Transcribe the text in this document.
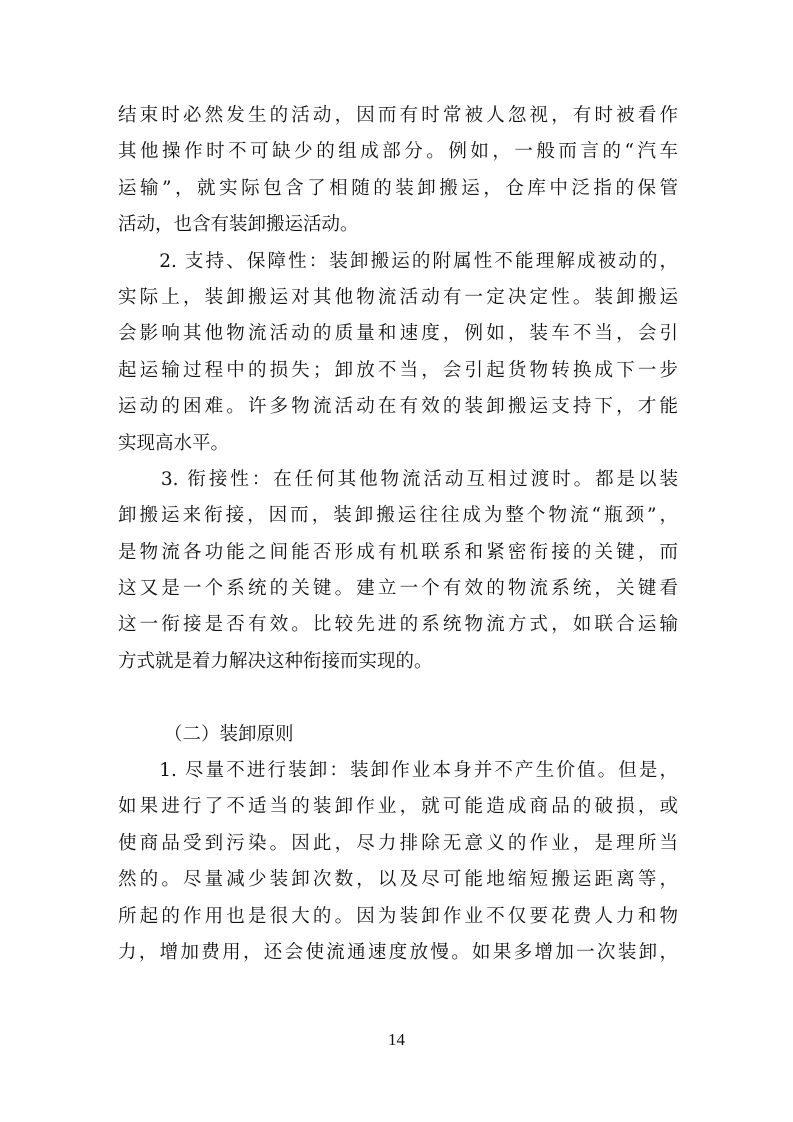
结束时必然发生的活动，因而有时常被人忽视，有时被看作
其他操作时不可缺少的组成部分。例如，一般而言的“汽车
运输”，就实际包含了相随的装卸搬运，仓库中泛指的保管
活动，也含有装卸搬运活动。
　　2. 支持、保障性：装卸搬运的附属性不能理解成被动的，
实际上，装卸搬运对其他物流活动有一定决定性。装卸搬运
会影响其他物流活动的质量和速度，例如，装车不当，会引
起运输过程中的损失；卸放不当，会引起货物转换成下一步
运动的困难。许多物流活动在有效的装卸搬运支持下，才能
实现高水平。
　　3. 衔接性：在任何其他物流活动互相过渡时。都是以装
卸搬运来衔接，因而，装卸搬运往往成为整个物流“瓶颈”，
是物流各功能之间能否形成有机联系和紧密衔接的关键，而
这又是一个系统的关键。建立一个有效的物流系统，关键看
这一衔接是否有效。比较先进的系统物流方式，如联合运输
方式就是着力解决这种衔接而实现的。
（二）装卸原则
　　1. 尽量不进行装卸：装卸作业本身并不产生价值。但是，
如果进行了不适当的装卸作业，就可能造成商品的破损，或
使商品受到污染。因此，尽力排除无意义的作业，是理所当
然的。尽量减少装卸次数，以及尽可能地缩短搬运距离等，
所起的作用也是很大的。因为装卸作业不仅要花费人力和物
力，增加费用，还会使流通速度放慢。如果多增加一次装卸，
14
